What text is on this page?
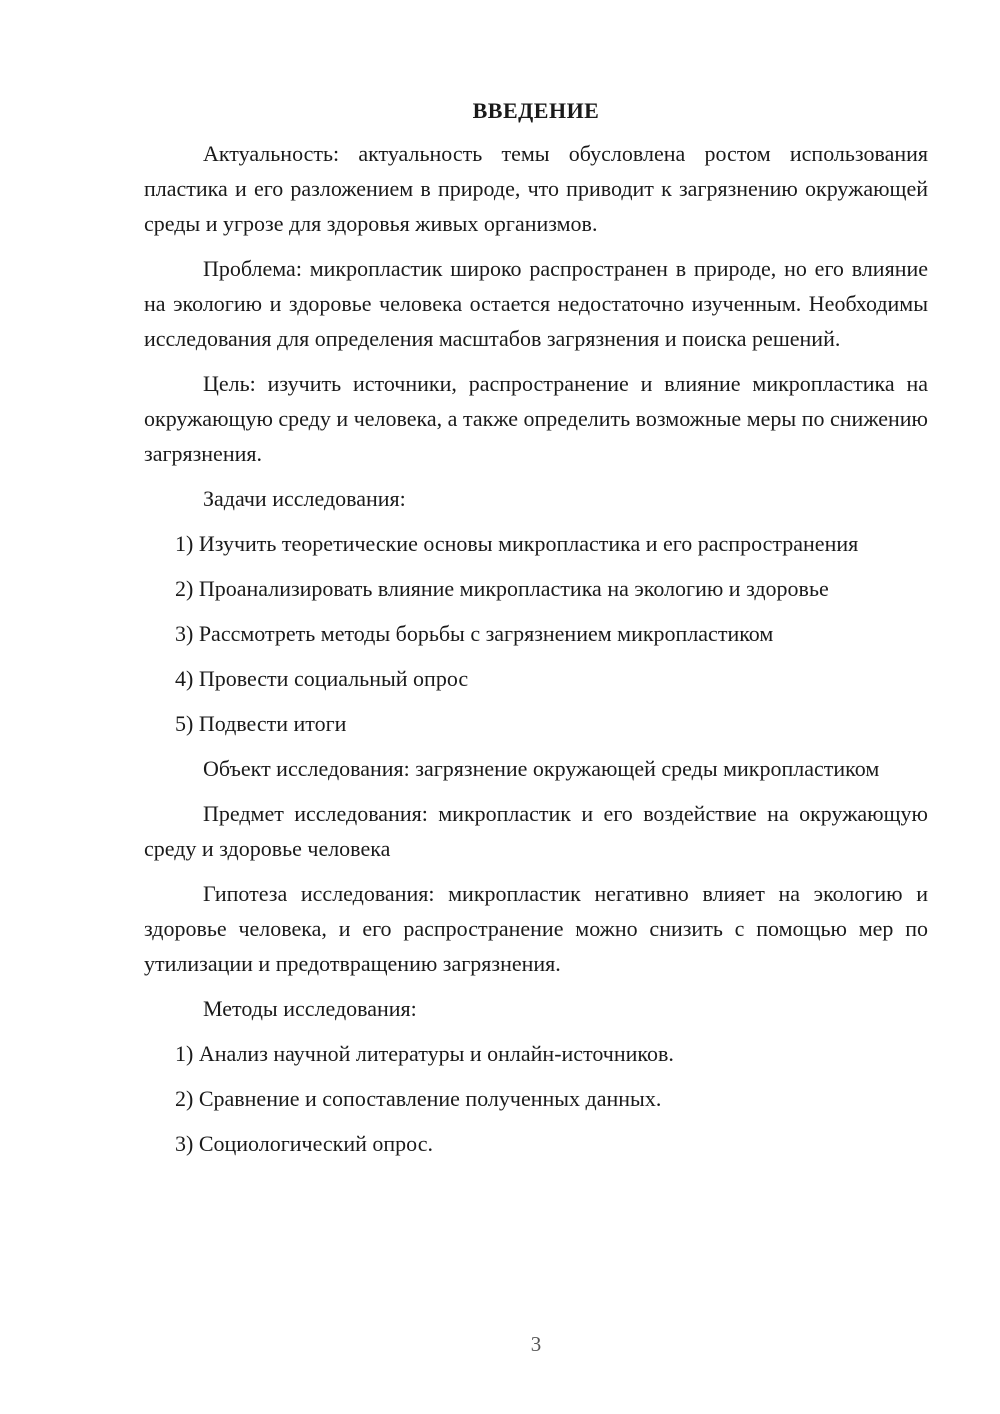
ВВЕДЕНИЕ

Актуальность: актуальность темы обусловлена ростом использования пластика и его разложением в природе, что приводит к загрязнению окружающей среды и угрозе для здоровья живых организмов.

Проблема: микропластик широко распространен в природе, но его влияние на экологию и здоровье человека остается недостаточно изученным. Необходимы исследования для определения масштабов загрязнения и поиска решений.

Цель: изучить источники, распространение и влияние микропластика на окружающую среду и человека, а также определить возможные меры по снижению загрязнения.

Задачи исследования:

1) Изучить теоретические основы микропластика и его распространения

2) Проанализировать влияние микропластика на экологию и здоровье

3) Рассмотреть методы борьбы с загрязнением микропластиком

4) Провести социальный опрос

5) Подвести итоги

Объект исследования: загрязнение окружающей среды микропластиком

Предмет исследования: микропластик и его воздействие на окружающую среду и здоровье человека

Гипотеза исследования: микропластик негативно влияет на экологию и здоровье человека, и его распространение можно снизить с помощью мер по утилизации и предотвращению загрязнения.

Методы исследования:

1) Анализ научной литературы и онлайн-источников.

2) Сравнение и сопоставление полученных данных.

3) Социологический опрос.

3
